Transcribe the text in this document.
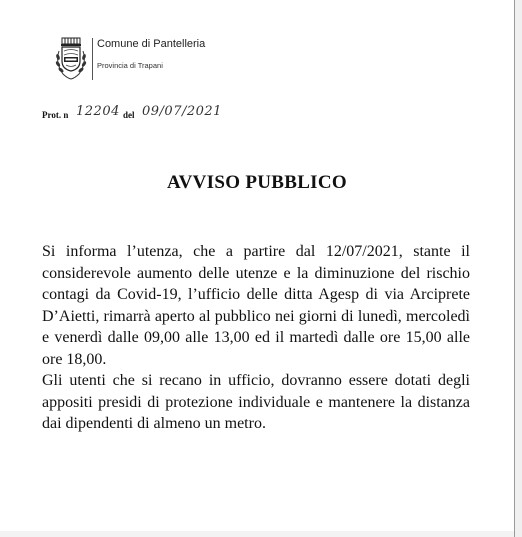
Comune di Pantelleria
Provincia di Trapani
Prot. n 12204 del 09/07/2021
AVVISO PUBBLICO

Si informa l’utenza, che a partire dal 12/07/2021, stante il considerevole aumento delle utenze e la diminuzione del rischio contagi da Covid-19, l’ufficio delle ditta Agesp di via Arciprete D’Aietti, rimarrà aperto al pubblico nei giorni di lunedì, mercoledì e venerdì dalle 09,00 alle 13,00 ed il martedì dalle ore 15,00 alle ore 18,00.

Gli utenti che si recano in ufficio, dovranno essere dotati degli appositi presidi di protezione individuale e mantenere la distanza dai dipendenti di almeno un metro.
